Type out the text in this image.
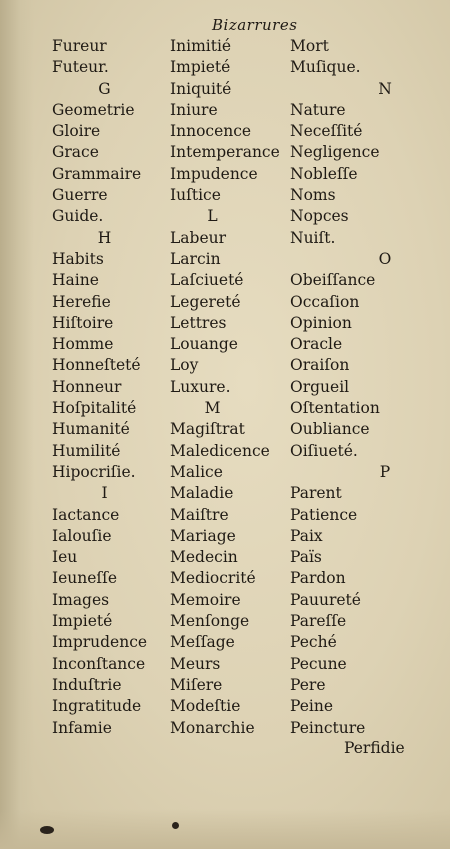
Bizarrures
Fureur
Futeur.
G
Geometrie
Gloire
Grace
Grammaire
Guerre
Guide.
H
Habits
Haine
Herefie
Hiſtoire
Homme
Honneſteté
Honneur
Hoſpitalité
Humanité
Humilité
Hipocriſie.
I
Iactance
Ialouſie
Ieu
Ieuneſſe
Images
Impieté
Imprudence
Inconſtance
Induſtrie
Ingratitude
Infamie
Inimitié
Impieté
Iniquité
Iniure
Innocence
Intemperance
Impudence
Iuſtice
L
Labeur
Larcin
Laſciueté
Legereté
Lettres
Louange
Loy
Luxure.
M
Magiſtrat
Maledicence
Malice
Maladie
Maiſtre
Mariage
Medecin
Mediocrité
Memoire
Menſonge
Meſſage
Meurs
Miſere
Modeſtie
Monarchie
Mort
Muſique.
N
Nature
Neceſſité
Negligence
Nobleſſe
Noms
Nopces
Nuiſt.
O
Obeiſſance
Occaſion
Opinion
Oracle
Oraiſon
Orgueil
Oſtentation
Oubliance
Oiſiueté.
P
Parent
Patience
Paix
Païs
Pardon
Pauureté
Pareſſe
Peché
Pecune
Pere
Peine
Peincture
Perfidie
